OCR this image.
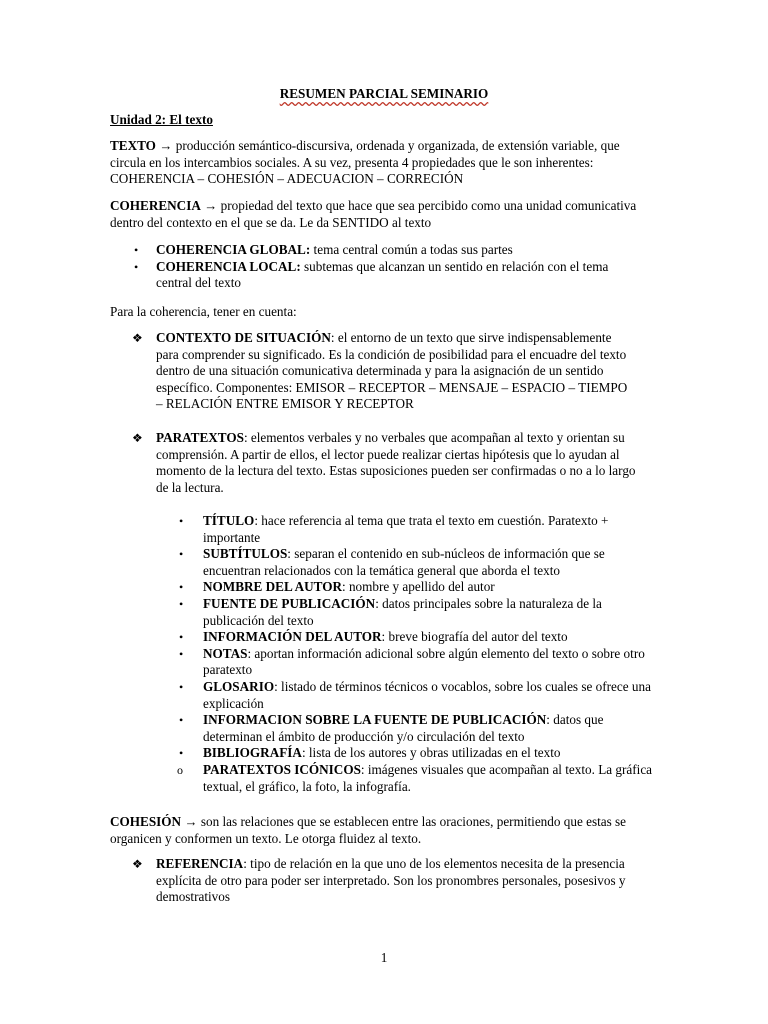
RESUMEN PARCIAL SEMINARIO
Unidad 2: El texto
TEXTO → producción semántico-discursiva, ordenada y organizada, de extensión variable, que circula en los intercambios sociales. A su vez, presenta 4 propiedades que le son inherentes: COHERENCIA – COHESIÓN – ADECUACION – CORRECIÓN
COHERENCIA → propiedad del texto que hace que sea percibido como una unidad comunicativa dentro del contexto en el que se da. Le da SENTIDO al texto
• COHERENCIA GLOBAL: tema central común a todas sus partes
• COHERENCIA LOCAL: subtemas que alcanzan un sentido en relación con el tema central del texto
Para la coherencia, tener en cuenta:
❖ CONTEXTO DE SITUACIÓN: el entorno de un texto que sirve indispensablemente para comprender su significado. Es la condición de posibilidad para el encuadre del texto dentro de una situación comunicativa determinada y para la asignación de un sentido específico. Componentes: EMISOR – RECEPTOR – MENSAJE – ESPACIO – TIEMPO – RELACIÓN ENTRE EMISOR Y RECEPTOR
❖ PARATEXTOS: elementos verbales y no verbales que acompañan al texto y orientan su comprensión. A partir de ellos, el lector puede realizar ciertas hipótesis que lo ayudan al momento de la lectura del texto. Estas suposiciones pueden ser confirmadas o no a lo largo de la lectura.
• TÍTULO: hace referencia al tema que trata el texto em cuestión. Paratexto + importante
• SUBTÍTULOS: separan el contenido en sub-núcleos de información que se encuentran relacionados con la temática general que aborda el texto
• NOMBRE DEL AUTOR: nombre y apellido del autor
• FUENTE DE PUBLICACIÓN: datos principales sobre la naturaleza de la publicación del texto
• INFORMACIÓN DEL AUTOR: breve biografía del autor del texto
• NOTAS: aportan información adicional sobre algún elemento del texto o sobre otro paratexto
• GLOSARIO: listado de términos técnicos o vocablos, sobre los cuales se ofrece una explicación
• INFORMACION SOBRE LA FUENTE DE PUBLICACIÓN: datos que determinan el ámbito de producción y/o circulación del texto
• BIBLIOGRAFÍA: lista de los autores y obras utilizadas en el texto
o PARATEXTOS ICÓNICOS: imágenes visuales que acompañan al texto. La gráfica textual, el gráfico, la foto, la infografía.
COHESIÓN → son las relaciones que se establecen entre las oraciones, permitiendo que estas se organicen y conformen un texto. Le otorga fluidez al texto.
❖ REFERENCIA: tipo de relación en la que uno de los elementos necesita de la presencia explícita de otro para poder ser interpretado. Son los pronombres personales, posesivos y demostrativos
1
